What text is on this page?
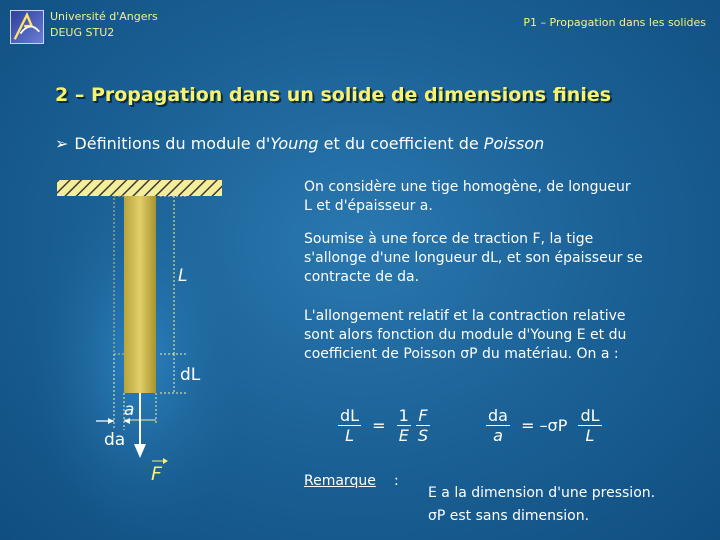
Université d'Angers
DEUG STU2
P1 – Propagation dans les solides
2 – Propagation dans un solide de dimensions finies
➢ Définitions du module d'Young et du coefficient de Poisson
L
dL
a
da
F

On considère une tige homogène, de longueur L et d'épaisseur a.

Soumise à une force de traction F, la tige s'allonge d'une longueur dL, et son épaisseur se contracte de da.

L'allongement relatif et la contraction relative sont alors fonction du module d'Young E et du coefficient de Poisson σP du matériau. On a :

$\frac{dL}{L} = \frac{1}{E}$
$\frac{F}{S}$	$\frac{da}{a} = -\sigma P \frac{dL}{L}$
Remarque :
E a la dimension d'une pression.
σP est sans dimension.
